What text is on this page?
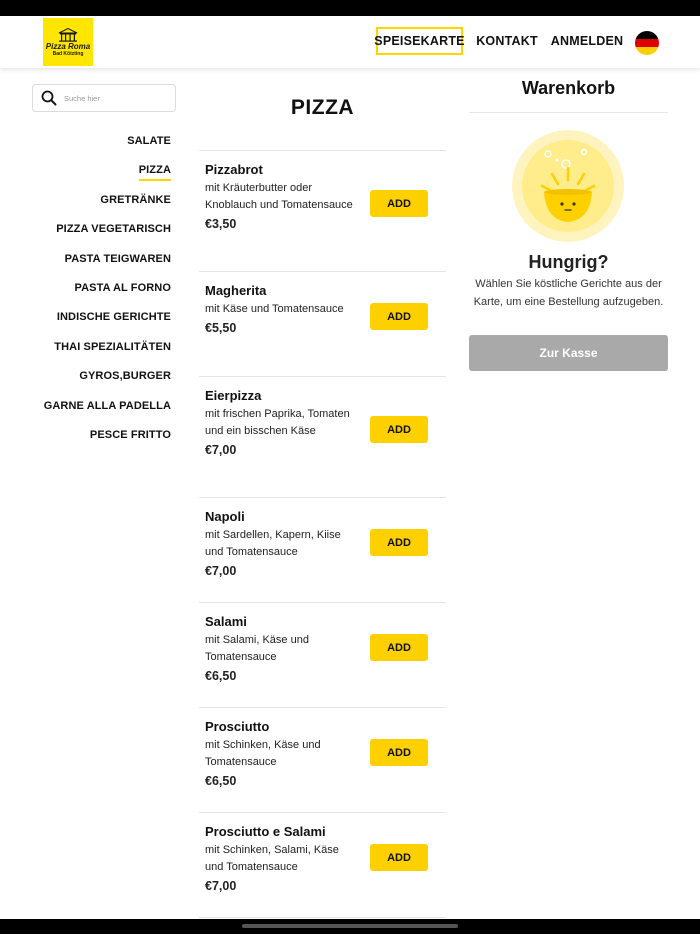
Pizza Roma
Bad Kötzting
SPEISEKARTE KONTAKT ANMELDEN
Suche hier
SALATE
PIZZA
GRETRÄNKE
PIZZA VEGETARISCH
PASTA TEIGWAREN
PASTA AL FORNO
INDISCHE GERICHTE
THAI SPEZIALITÄTEN
GYROS,BURGER
GARNE ALLA PADELLA
PESCE FRITTO
PIZZA
Pizzabrot
mit Kräuterbutter oder Knoblauch und Tomatensauce
€3,50
ADD
Magherita
mit Käse und Tomatensauce
€5,50
ADD
Eierpizza
mit frischen Paprika, Tomaten und ein bisschen Käse
€7,00
ADD
Napoli
mit Sardellen, Kapern, Kiise und Tomatensauce
€7,00
ADD
Salami
mit Salami, Käse und Tomatensauce
€6,50
ADD
Prosciutto
mit Schinken, Käse und Tomatensauce
€6,50
ADD
Prosciutto e Salami
mit Schinken, Salami, Käse und Tomatensauce
€7,00
ADD
Warenkorb
Hungrig?
Wählen Sie köstliche Gerichte aus der Karte, um eine Bestellung aufzugeben.
Zur Kasse
